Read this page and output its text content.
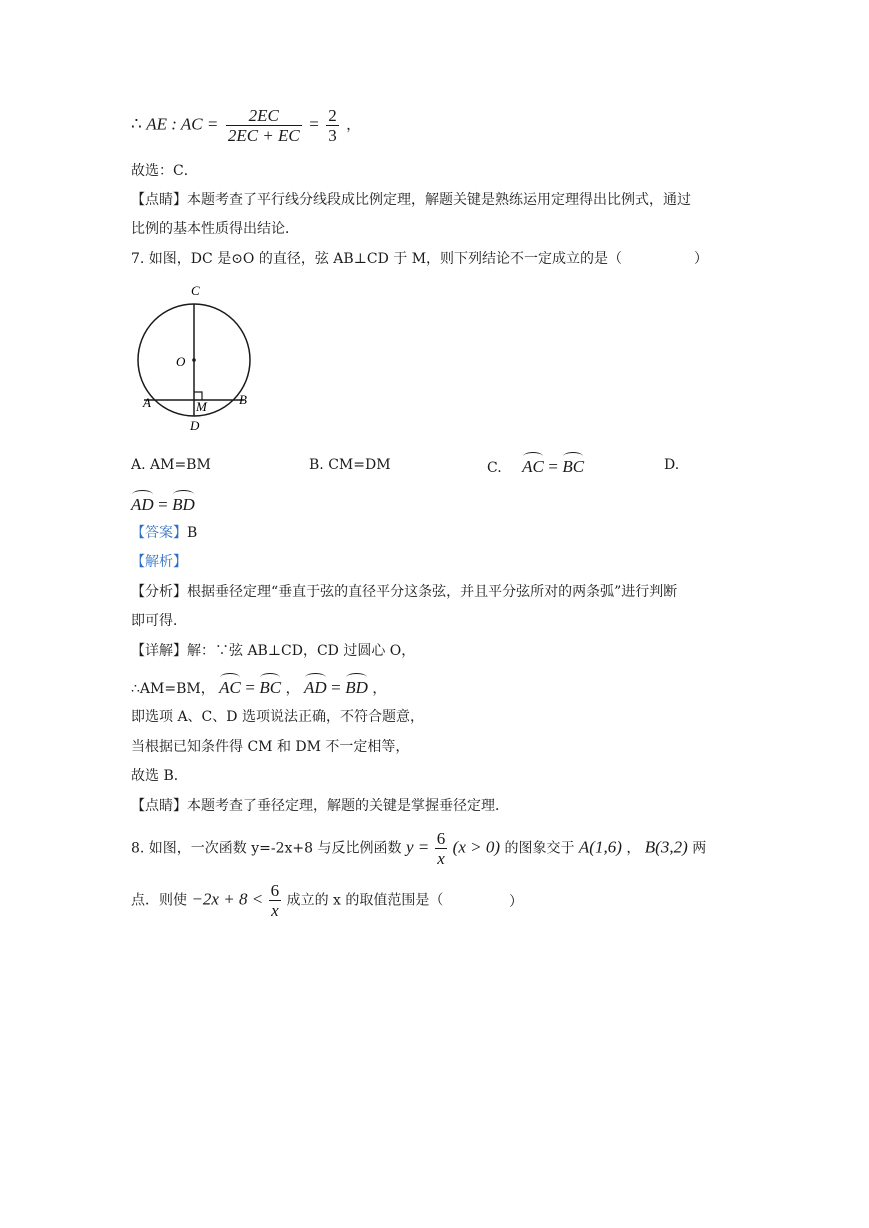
∴ AE : AC = $\frac{2EC}{2EC + EC} = \frac{2}{3}$ ，
故选：C．
【点睛】本题考查了平行线分线段成比例定理，解题关键是熟练运用定理得出比例式，通过
比例的基本性质得出结论．
7. 如图，DC 是⊙O 的直径，弦 AB⊥CD 于 M，则下列结论不一定成立的是（	）
C
O
A	M B
D
A. AM=BM	B. CM=DM	C. AC = BC	D.
AD = BD
【答案】B
【解析】
【分析】根据垂径定理“垂直于弦的直径平分这条弦，并且平分弦所对的两条弧”进行判断
即可得．
【详解】解：∵弦 AB⊥CD，CD 过圆心 O，
∴AM=BM， AC = BC ， AD = BD ，
即选项 A、C、D 选项说法正确，不符合题意，
当根据已知条件得 CM 和 DM 不一定相等，
故选 B．
【点睛】本题考查了垂径定理，解题的关键是掌握垂径定理．
8. 如图，一次函数 y=-2x+8 与反比例函数 $y = \frac{6}{x} (x > 0)$ 的图象交于 A(1,6) ， B(3,2) 两
点．则使 $-2x + 8 < \frac{6}{x}$ 成立的 x 的取值范围是（	）
